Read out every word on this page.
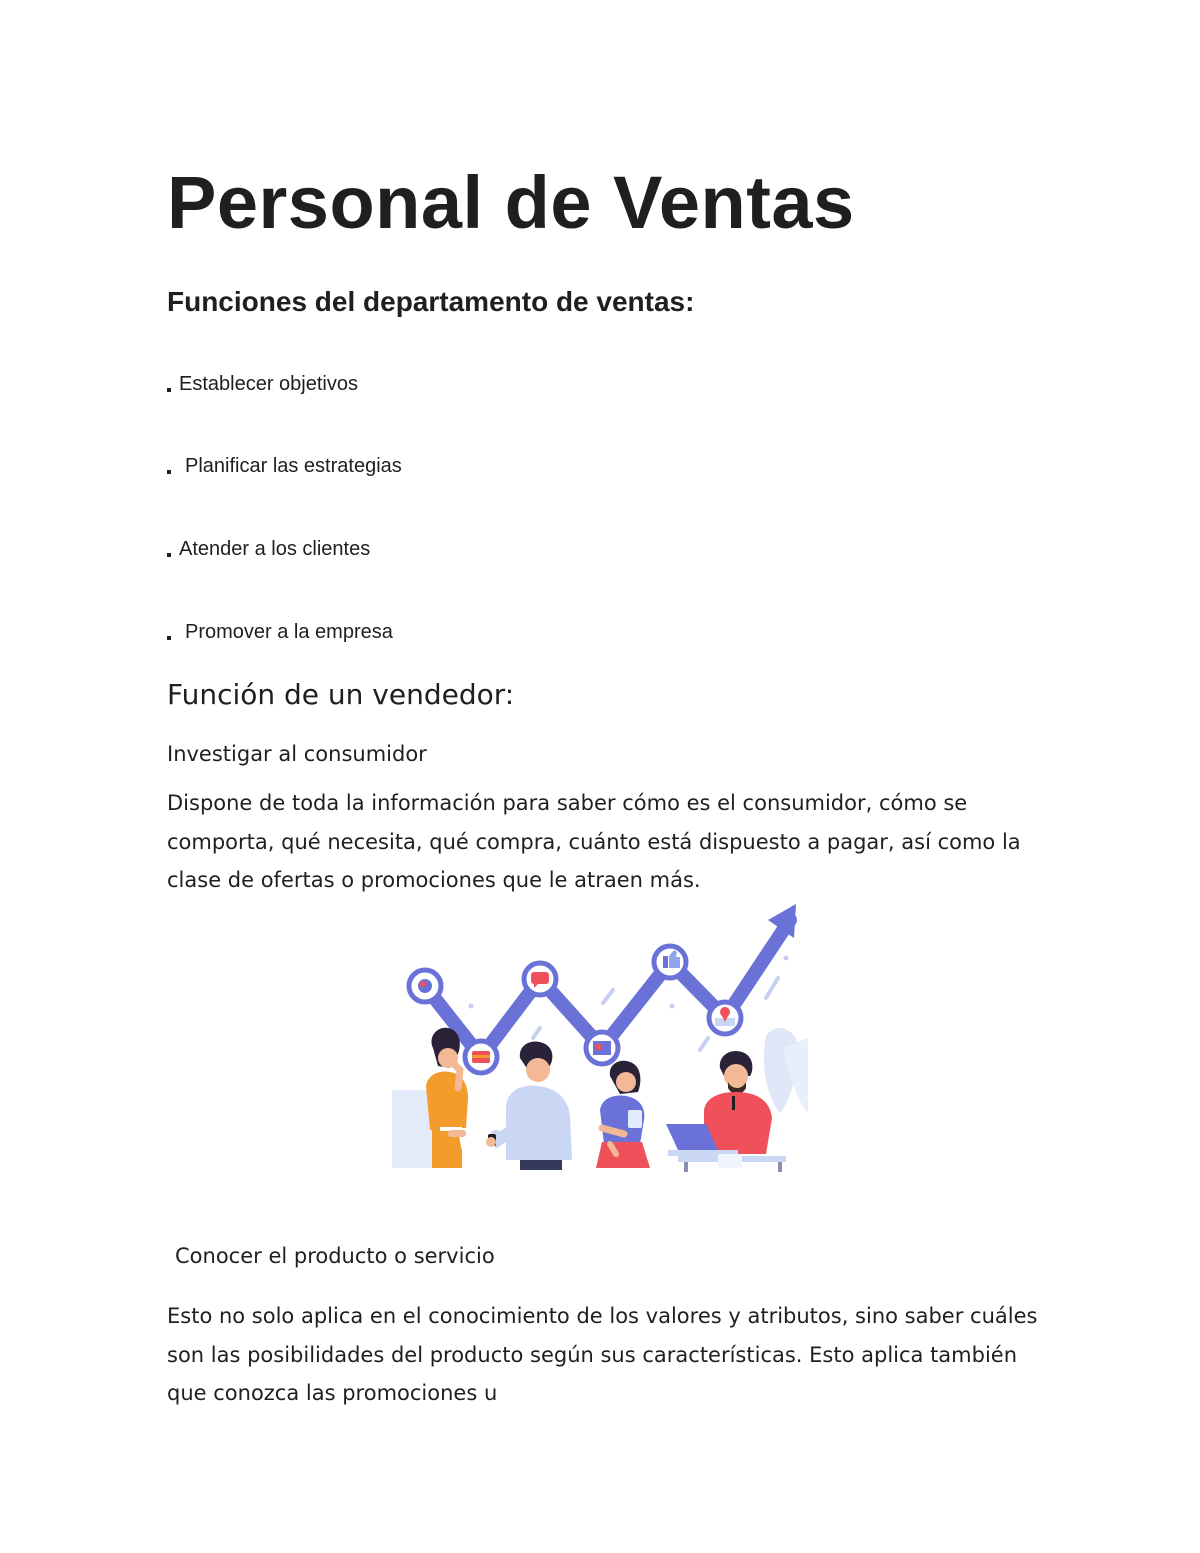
Personal de Ventas
Funciones del departamento de ventas:
Establecer objetivos
Planificar las estrategias
Atender a los clientes
Promover a la empresa
Función de un vendedor:
Investigar al consumidor

Dispone de toda la información para saber cómo es el consumidor, cómo se comporta, qué necesita, qué compra, cuánto está dispuesto a pagar, así como la clase de ofertas o promociones que le atraen más.

Conocer el producto o servicio

Esto no solo aplica en el conocimiento de los valores y atributos, sino saber cuáles son las posibilidades del producto según sus características. Esto aplica también que conozca las promociones u
